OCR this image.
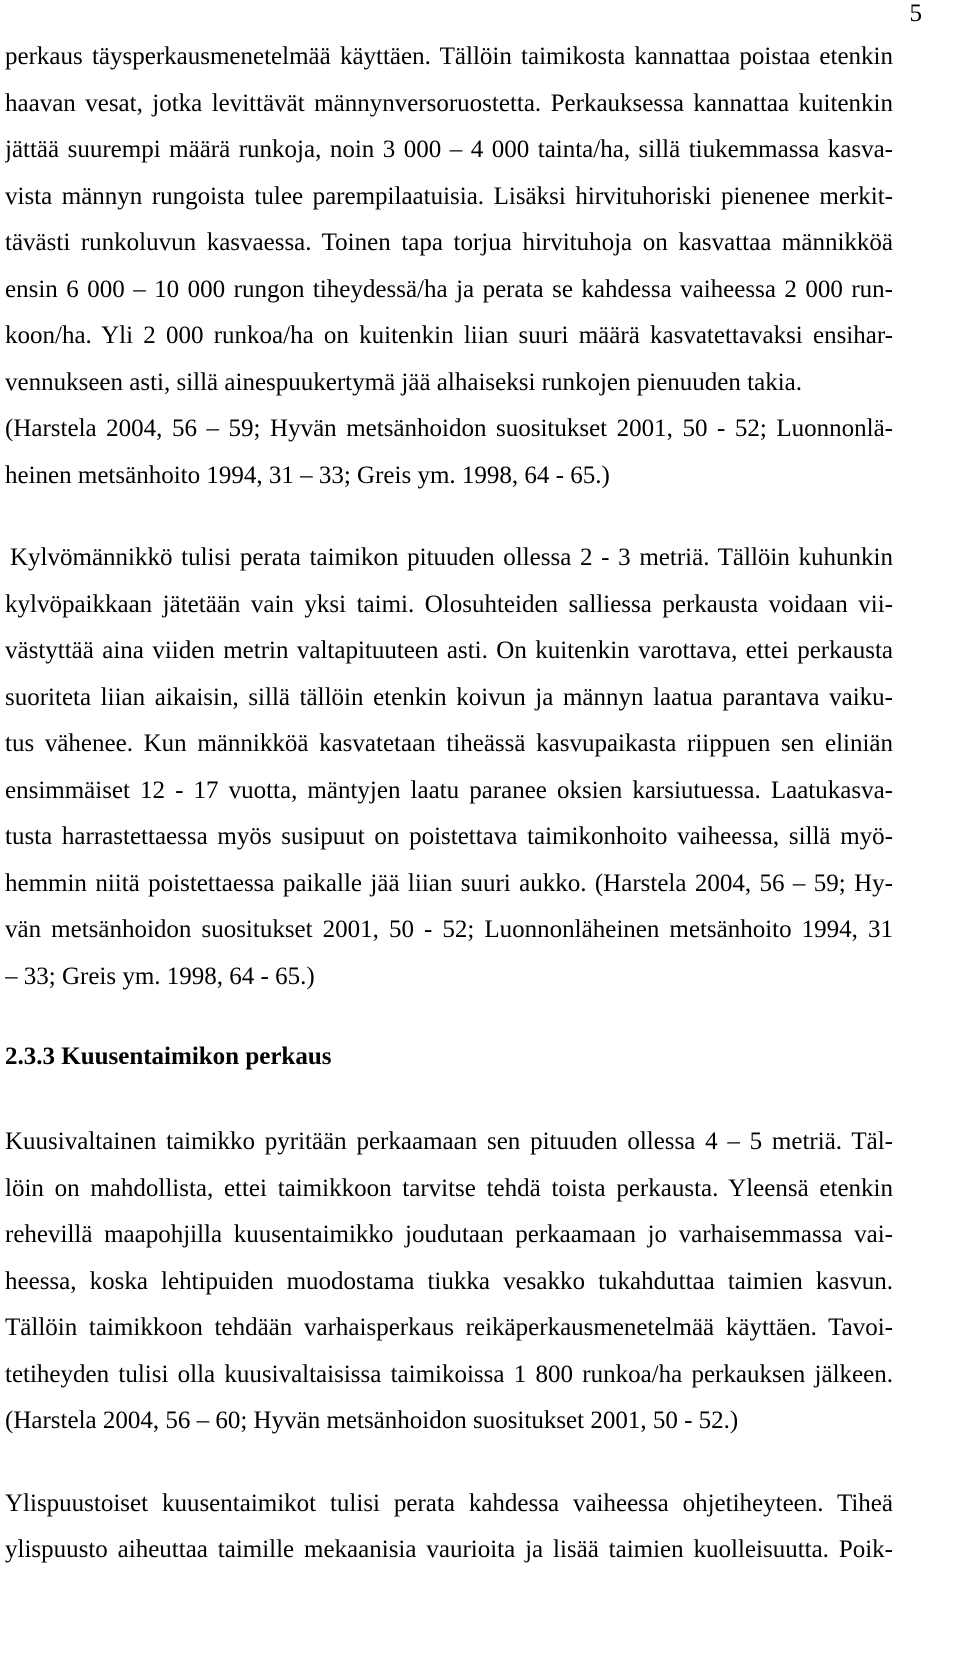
5
perkaus täysperkausmenetelmää käyttäen. Tällöin taimikosta kannattaa poistaa etenkin
haavan vesat, jotka levittävät männynversoruostetta. Perkauksessa kannattaa kuitenkin
jättää suurempi määrä runkoja, noin 3 000 – 4 000 tainta/ha, sillä tiukemmassa kasva-
vista männyn rungoista tulee parempilaatuisia. Lisäksi hirvituhoriski pienenee merkit-
tävästi runkoluvun kasvaessa. Toinen tapa torjua hirvituhoja on kasvattaa männikköä
ensin 6 000 – 10 000 rungon tiheydessä/ha ja perata se kahdessa vaiheessa 2 000 run-
koon/ha. Yli 2 000 runkoa/ha on kuitenkin liian suuri määrä kasvatettavaksi ensihar-
vennukseen asti, sillä ainespuukertymä jää alhaiseksi runkojen pienuuden takia.
(Harstela 2004, 56 – 59; Hyvän metsänhoidon suositukset 2001, 50 - 52; Luonnonlä-
heinen metsänhoito 1994, 31 – 33; Greis ym. 1998, 64 - 65.)
Kylvömännikkö tulisi perata taimikon pituuden ollessa 2 - 3 metriä. Tällöin kuhunkin
kylvöpaikkaan jätetään vain yksi taimi. Olosuhteiden salliessa perkausta voidaan vii-
västyttää aina viiden metrin valtapituuteen asti. On kuitenkin varottava, ettei perkausta
suoriteta liian aikaisin, sillä tällöin etenkin koivun ja männyn laatua parantava vaiku-
tus vähenee. Kun männikköä kasvatetaan tiheässä kasvupaikasta riippuen sen eliniän
ensimmäiset 12 - 17 vuotta, mäntyjen laatu paranee oksien karsiutuessa. Laatukasva-
tusta harrastettaessa myös susipuut on poistettava taimikonhoito vaiheessa, sillä myö-
hemmin niitä poistettaessa paikalle jää liian suuri aukko. (Harstela 2004, 56 – 59; Hy-
vän metsänhoidon suositukset 2001, 50 - 52; Luonnonläheinen metsänhoito 1994, 31
– 33; Greis ym. 1998, 64 - 65.)
2.3.3 Kuusentaimikon perkaus
Kuusivaltainen taimikko pyritään perkaamaan sen pituuden ollessa 4 – 5 metriä. Täl-
löin on mahdollista, ettei taimikkoon tarvitse tehdä toista perkausta. Yleensä etenkin
rehevillä maapohjilla kuusentaimikko joudutaan perkaamaan jo varhaisemmassa vai-
heessa, koska lehtipuiden muodostama tiukka vesakko tukahduttaa taimien kasvun.
Tällöin taimikkoon tehdään varhaisperkaus reikäperkausmenetelmää käyttäen. Tavoi-
tetiheyden tulisi olla kuusivaltaisissa taimikoissa 1 800 runkoa/ha perkauksen jälkeen.
(Harstela 2004, 56 – 60; Hyvän metsänhoidon suositukset 2001, 50 - 52.)
Ylispuustoiset kuusentaimikot tulisi perata kahdessa vaiheessa ohjetiheyteen. Tiheä
ylispuusto aiheuttaa taimille mekaanisia vaurioita ja lisää taimien kuolleisuutta. Poik-
